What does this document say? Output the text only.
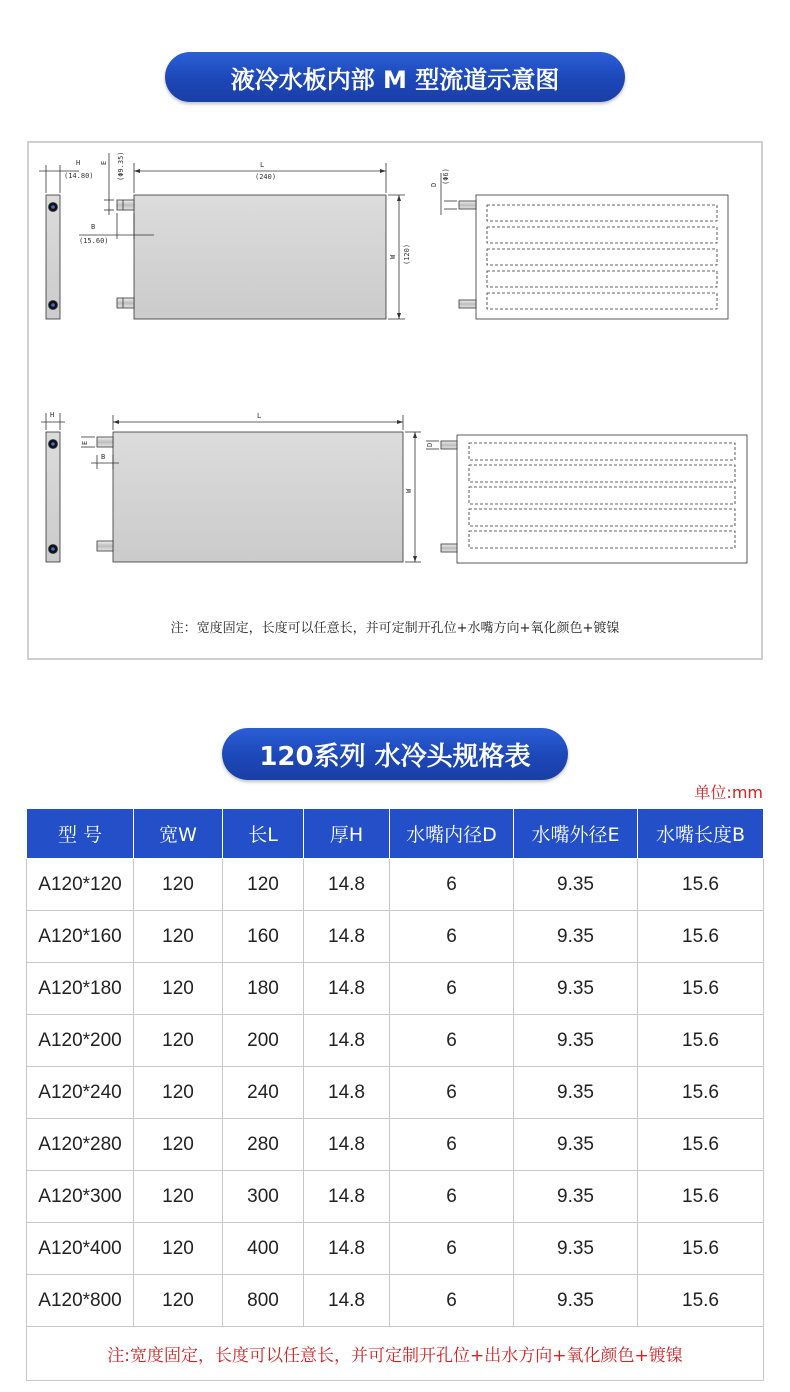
液冷水板内部 M 型流道示意图
H
(14.80)
L
(240)
E (Φ9.35)
B
(15.60)
W (120)
D (Φ6)
H	L
E
B
W
D
注：宽度固定，长度可以任意长，并可定制开孔位+水嘴方向+氧化颜色+镀镍
120系列 水冷头规格表
单位:mm
型 号	宽W	长L	厚H	水嘴内径D	水嘴外径E	水嘴长度B
A120*120	120	120	14.8	6	9.35	15.6
A120*160	120	160	14.8	6	9.35	15.6
A120*180	120	180	14.8	6	9.35	15.6
A120*200	120	200	14.8	6	9.35	15.6
A120*240	120	240	14.8	6	9.35	15.6
A120*280	120	280	14.8	6	9.35	15.6
A120*300	120	300	14.8	6	9.35	15.6
A120*400	120	400	14.8	6	9.35	15.6
A120*800	120	800	14.8	6	9.35	15.6
注:宽度固定，长度可以任意长，并可定制开孔位+出水方向+氧化颜色+镀镍						
